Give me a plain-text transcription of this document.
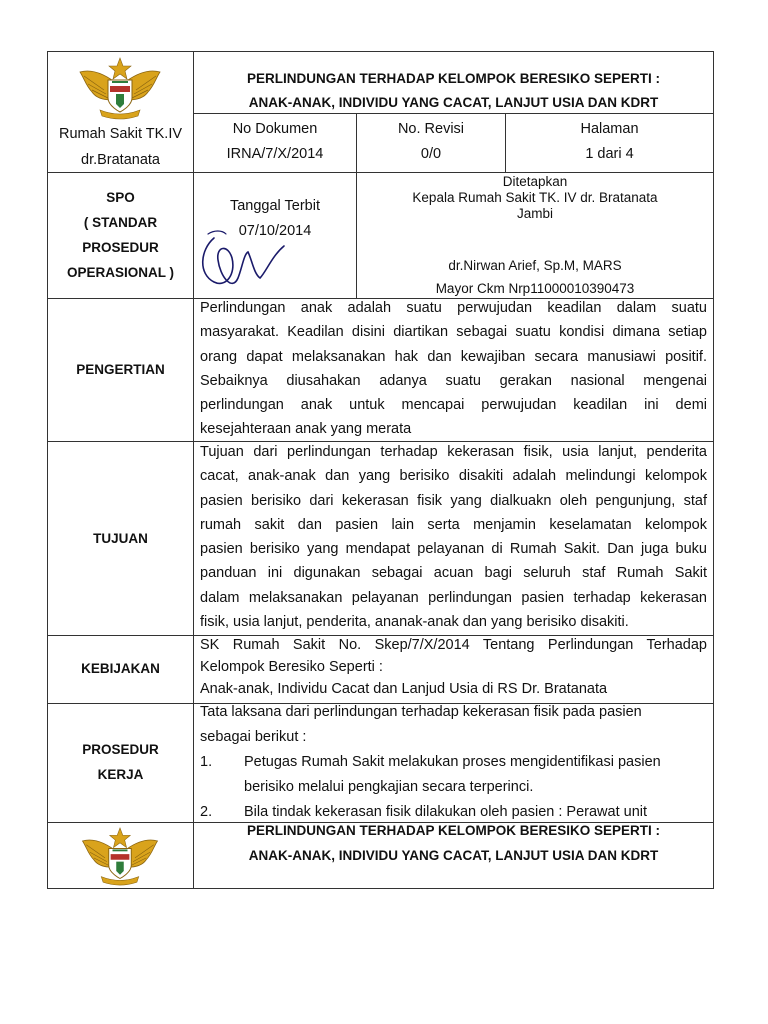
Rumah Sakit TK.IV
dr.Bratanata
PERLINDUNGAN TERHADAP KELOMPOK BERESIKO SEPERTI :
ANAK-ANAK, INDIVIDU YANG CACAT, LANJUT USIA DAN KDRT
No Dokumen
IRNA/7/X/2014
No. Revisi
0/0
Halaman
1 dari 4
SPO
( STANDAR
PROSEDUR
OPERASIONAL )
Tanggal Terbit
07/10/2014
Ditetapkan
Kepala Rumah Sakit TK. IV dr. Bratanata
Jambi
dr.Nirwan Arief, Sp.M, MARS
Mayor Ckm Nrp11000010390473
PENGERTIAN
Perlindungan anak adalah suatu perwujudan keadilan dalam suatu
masyarakat. Keadilan disini diartikan sebagai suatu kondisi dimana setiap
orang dapat melaksanakan hak dan kewajiban secara manusiawi positif.
Sebaiknya diusahakan adanya suatu gerakan nasional mengenai
perlindungan anak untuk mencapai perwujudan keadilan ini demi
kesejahteraan anak yang merata
TUJUAN
Tujuan dari perlindungan terhadap kekerasan fisik, usia lanjut, penderita
cacat, anak-anak dan yang berisiko disakiti adalah melindungi kelompok
pasien berisiko dari kekerasan fisik yang dialkuakn oleh pengunjung, staf
rumah sakit dan pasien lain serta menjamin keselamatan kelompok
pasien berisiko yang mendapat pelayanan di Rumah Sakit. Dan juga buku
panduan ini digunakan sebagai acuan bagi seluruh staf Rumah Sakit
dalam melaksanakan pelayanan perlindungan pasien terhadap kekerasan
fisik, usia lanjut, penderita, ananak-anak dan yang berisiko disakiti.
KEBIJAKAN
SK Rumah Sakit No. Skep/7/X/2014 Tentang Perlindungan Terhadap
Kelompok Beresiko Seperti :
Anak-anak, Individu Cacat dan Lanjud Usia di RS Dr. Bratanata
PROSEDUR
KERJA
Tata laksana dari perlindungan terhadap kekerasan fisik pada pasien
sebagai berikut :
1. Petugas Rumah Sakit melakukan proses mengidentifikasi pasien
berisiko melalui pengkajian secara terperinci.
2. Bila tindak kekerasan fisik dilakukan oleh pasien : Perawat unit
PERLINDUNGAN TERHADAP KELOMPOK BERESIKO SEPERTI :
ANAK-ANAK, INDIVIDU YANG CACAT, LANJUT USIA DAN KDRT
